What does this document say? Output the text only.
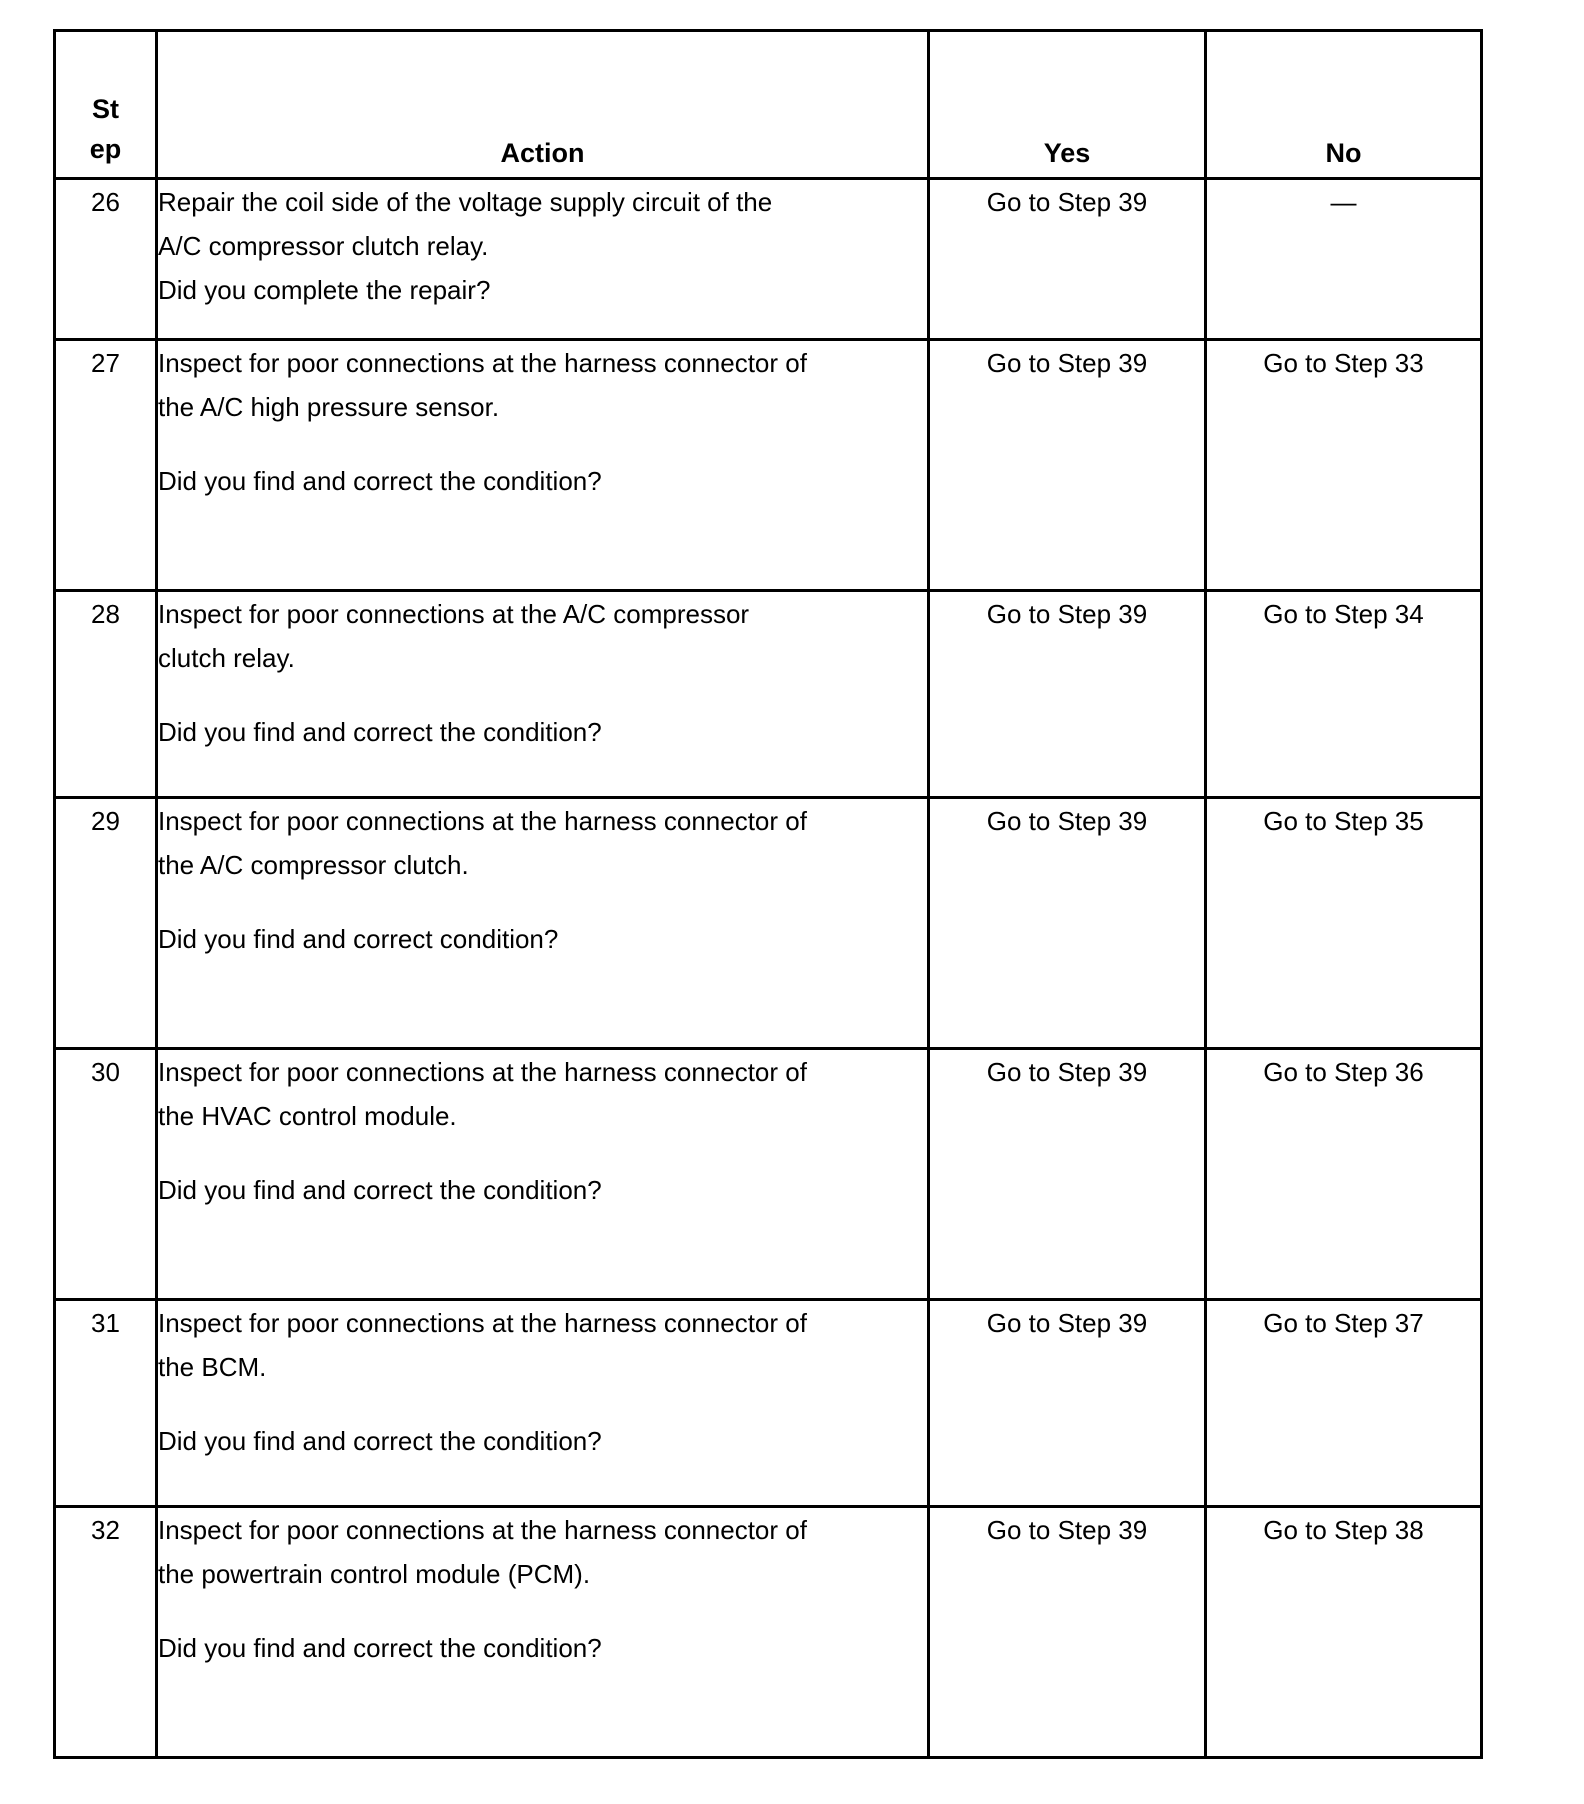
St
ep	Action	Yes	No
26	Repair the coil side of the voltage supply circuit of the
A/C compressor clutch relay.
Did you complete the repair?	Go to Step 39	—
27	Inspect for poor connections at the harness connector of
the A/C high pressure sensor.
Did you find and correct the condition?	Go to Step 39	Go to Step 33
28	Inspect for poor connections at the A/C compressor
clutch relay.
Did you find and correct the condition?	Go to Step 39	Go to Step 34
29	Inspect for poor connections at the harness connector of
the A/C compressor clutch.
Did you find and correct condition?	Go to Step 39	Go to Step 35
30	Inspect for poor connections at the harness connector of
the HVAC control module.
Did you find and correct the condition?	Go to Step 39	Go to Step 36
31	Inspect for poor connections at the harness connector of
the BCM.
Did you find and correct the condition?	Go to Step 39	Go to Step 37
32	Inspect for poor connections at the harness connector of
the powertrain control module (PCM).
Did you find and correct the condition?	Go to Step 39	Go to Step 38
